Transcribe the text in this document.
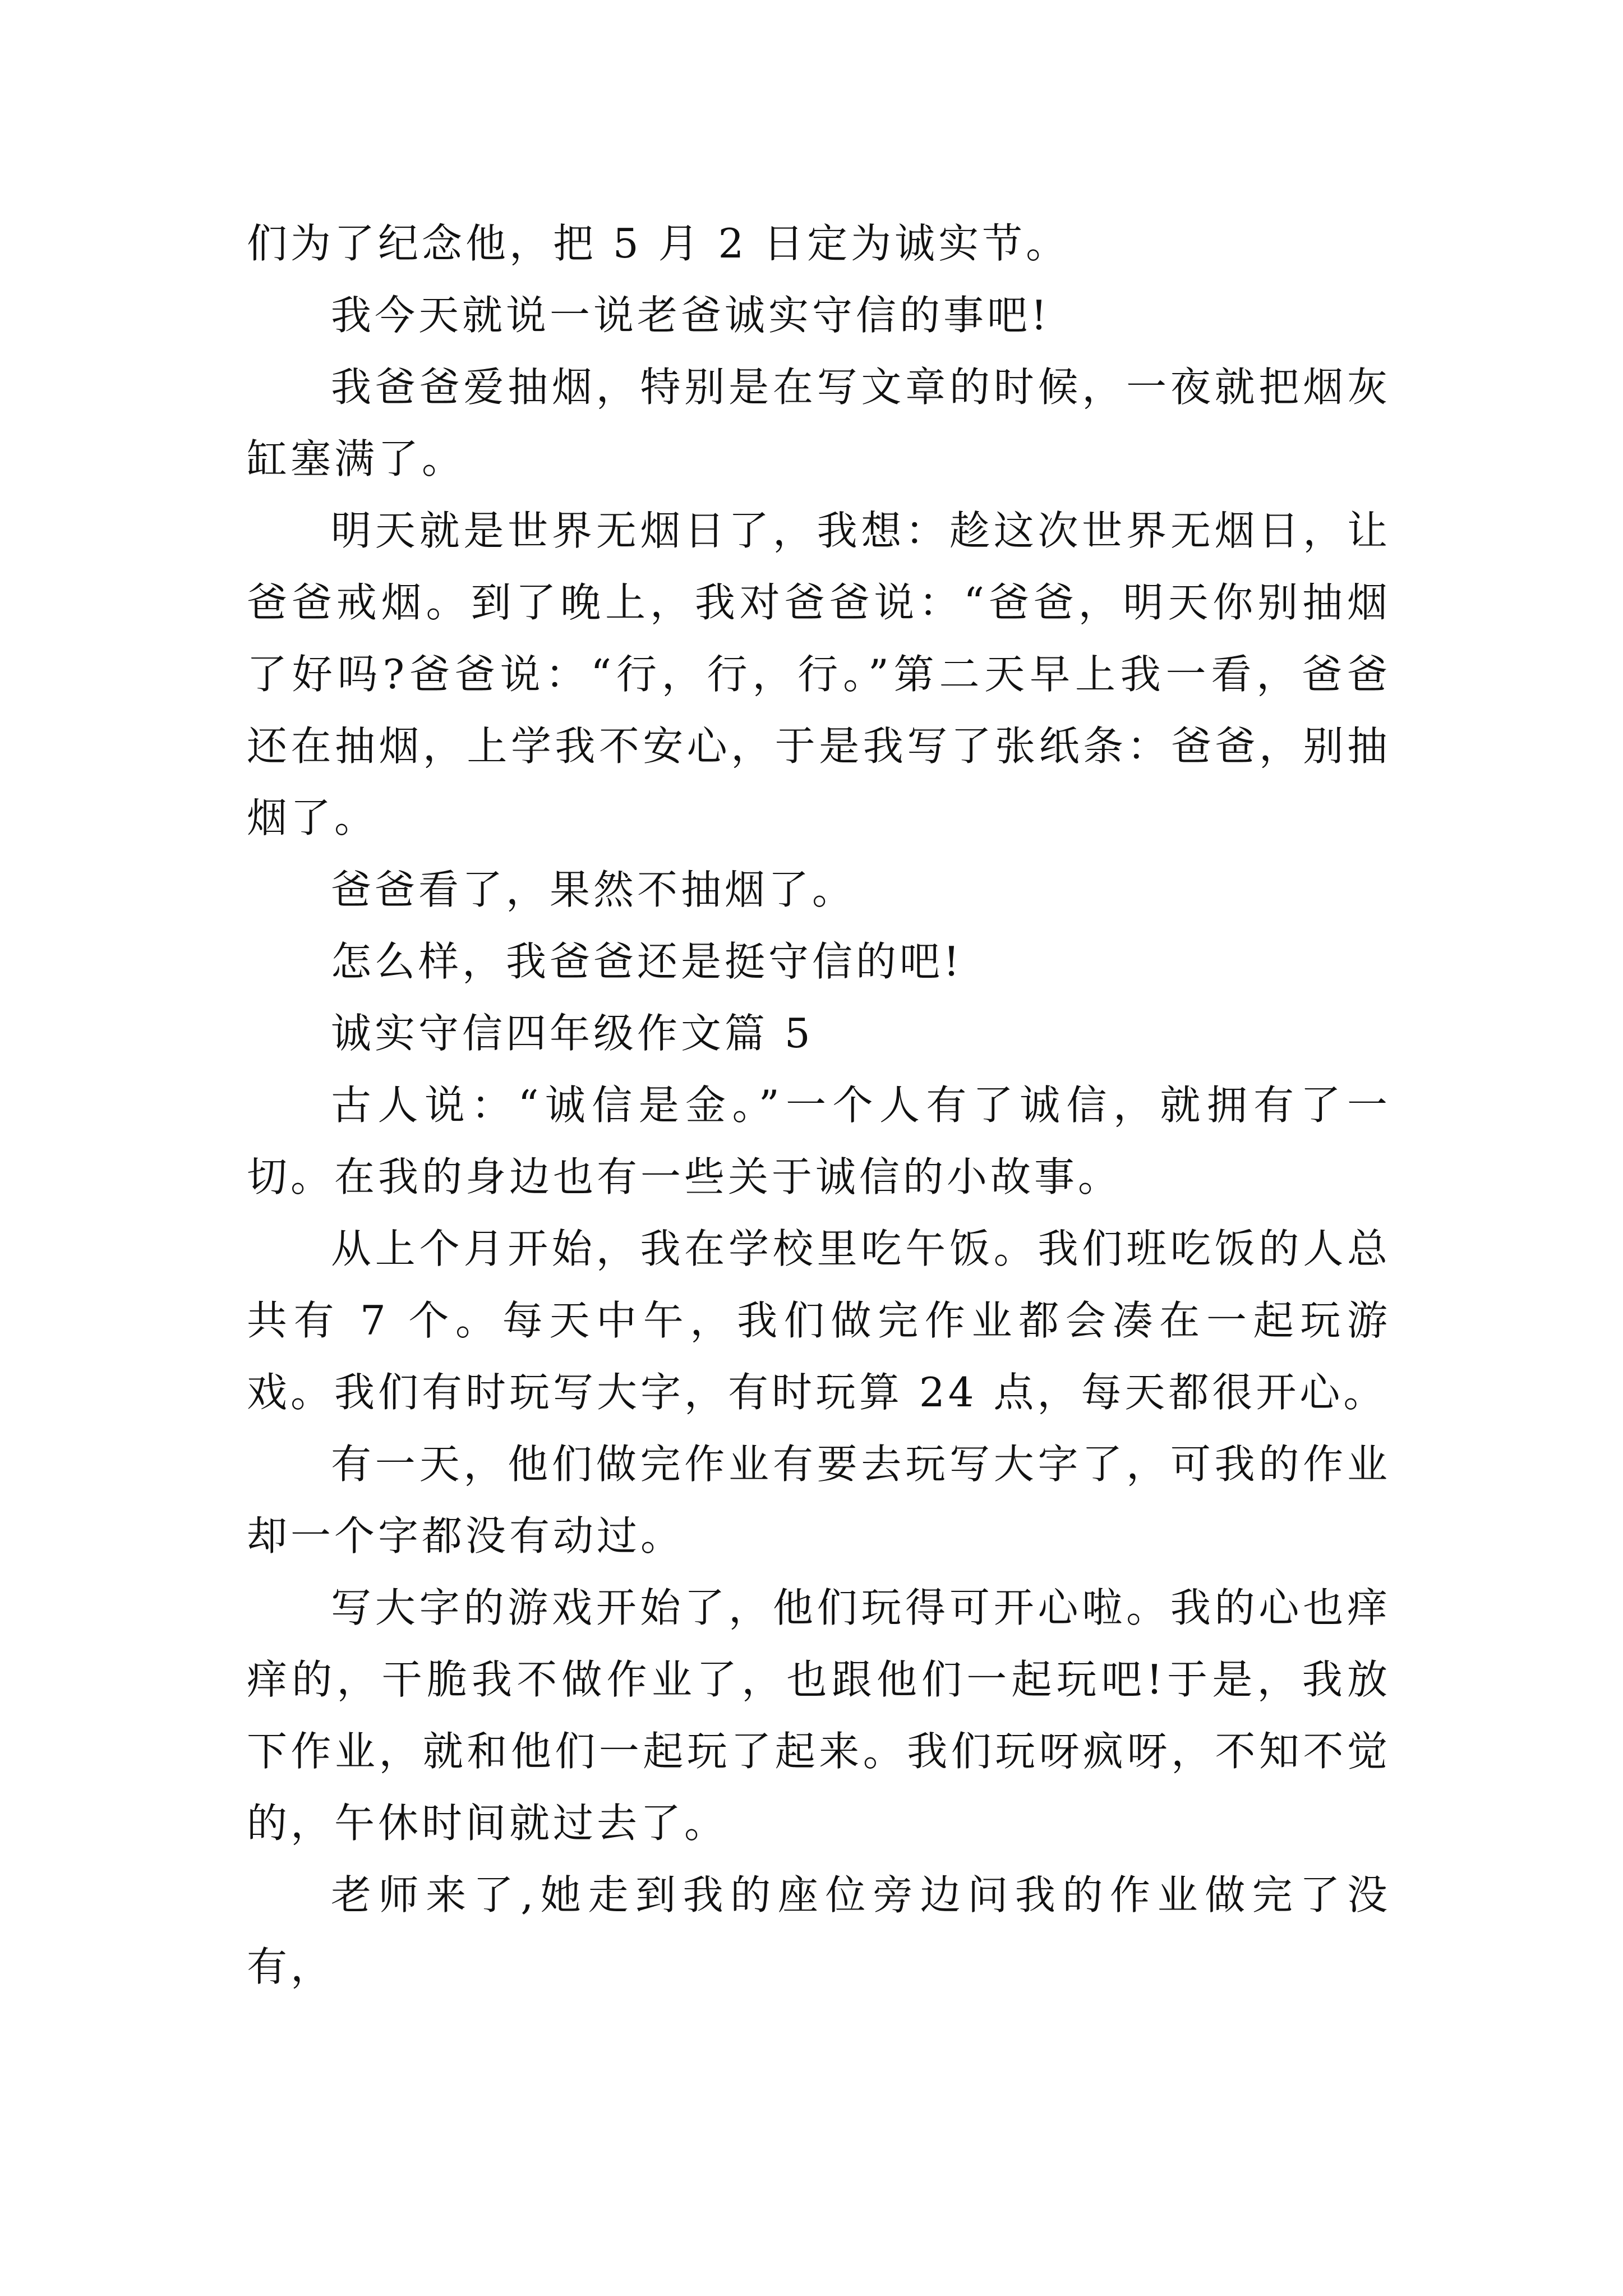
们为了纪念他，把 5 月 2 日定为诚实节。

我今天就说一说老爸诚实守信的事吧!

我爸爸爱抽烟，特别是在写文章的时候，一夜就把烟灰缸塞满了。

明天就是世界无烟日了，我想：趁这次世界无烟日，让爸爸戒烟。到了晚上，我对爸爸说：“爸爸，明天你别抽烟了好吗?爸爸说：“行，行，行。”第二天早上我一看，爸爸还在抽烟，上学我不安心，于是我写了张纸条：爸爸，别抽烟了。

爸爸看了，果然不抽烟了。

怎么样，我爸爸还是挺守信的吧!

诚实守信四年级作文篇 5

古人说：“诚信是金。”一个人有了诚信，就拥有了一切。在我的身边也有一些关于诚信的小故事。

从上个月开始，我在学校里吃午饭。我们班吃饭的人总共有 7 个。每天中午，我们做完作业都会凑在一起玩游戏。我们有时玩写大字，有时玩算 24 点，每天都很开心。

有一天，他们做完作业有要去玩写大字了，可我的作业却一个字都没有动过。

写大字的游戏开始了，他们玩得可开心啦。我的心也痒痒的，干脆我不做作业了，也跟他们一起玩吧!于是，我放下作业，就和他们一起玩了起来。我们玩呀疯呀，不知不觉的，午休时间就过去了。

老师来了,她走到我的座位旁边问我的作业做完了没有，
